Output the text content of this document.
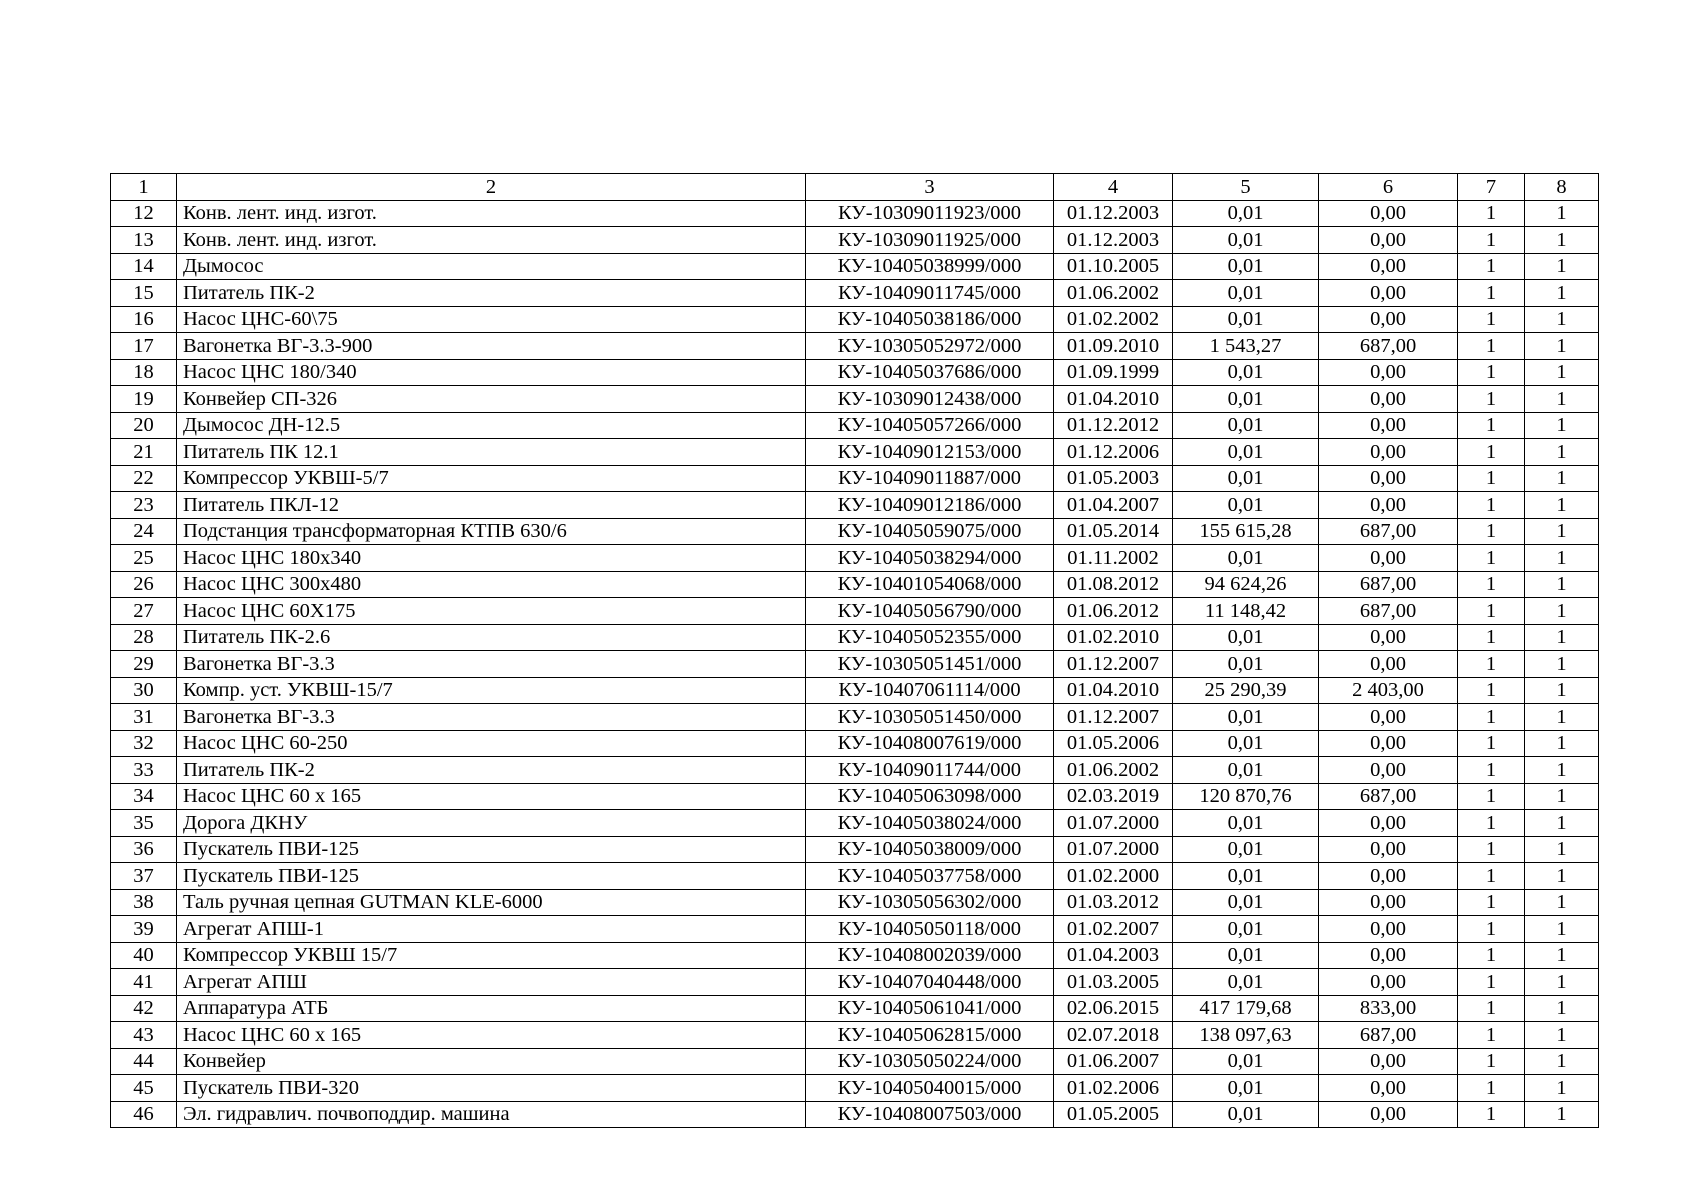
1	2	3	4	5	6	7	8
12	Конв. лент. инд. изгот.	КУ-10309011923/000	01.12.2003	0,01	0,00	1	1
13	Конв. лент. инд. изгот.	КУ-10309011925/000	01.12.2003	0,01	0,00	1	1
14	Дымосос	КУ-10405038999/000	01.10.2005	0,01	0,00	1	1
15	Питатель ПК-2	КУ-10409011745/000	01.06.2002	0,01	0,00	1	1
16	Насос ЦНС-60\75	КУ-10405038186/000	01.02.2002	0,01	0,00	1	1
17	Вагонетка ВГ-3.3-900	КУ-10305052972/000	01.09.2010	1 543,27	687,00	1	1
18	Насос ЦНС 180/340	КУ-10405037686/000	01.09.1999	0,01	0,00	1	1
19	Конвейер СП-326	КУ-10309012438/000	01.04.2010	0,01	0,00	1	1
20	Дымосос ДН-12.5	КУ-10405057266/000	01.12.2012	0,01	0,00	1	1
21	Питатель ПК 12.1	КУ-10409012153/000	01.12.2006	0,01	0,00	1	1
22	Компрессор УКВШ-5/7	КУ-10409011887/000	01.05.2003	0,01	0,00	1	1
23	Питатель ПКЛ-12	КУ-10409012186/000	01.04.2007	0,01	0,00	1	1
24	Подстанция трансформаторная КТПВ 630/6	КУ-10405059075/000	01.05.2014	155 615,28	687,00	1	1
25	Насос ЦНС 180х340	КУ-10405038294/000	01.11.2002	0,01	0,00	1	1
26	Насос ЦНС 300х480	КУ-10401054068/000	01.08.2012	94 624,26	687,00	1	1
27	Насос ЦНС 60Х175	КУ-10405056790/000	01.06.2012	11 148,42	687,00	1	1
28	Питатель ПК-2.6	КУ-10405052355/000	01.02.2010	0,01	0,00	1	1
29	Вагонетка ВГ-3.3	КУ-10305051451/000	01.12.2007	0,01	0,00	1	1
30	Компр. уст. УКВШ-15/7	КУ-10407061114/000	01.04.2010	25 290,39	2 403,00	1	1
31	Вагонетка ВГ-3.3	КУ-10305051450/000	01.12.2007	0,01	0,00	1	1
32	Насос ЦНС 60-250	КУ-10408007619/000	01.05.2006	0,01	0,00	1	1
33	Питатель ПК-2	КУ-10409011744/000	01.06.2002	0,01	0,00	1	1
34	Насос ЦНС 60 х 165	КУ-10405063098/000	02.03.2019	120 870,76	687,00	1	1
35	Дорога ДКНУ	КУ-10405038024/000	01.07.2000	0,01	0,00	1	1
36	Пускатель ПВИ-125	КУ-10405038009/000	01.07.2000	0,01	0,00	1	1
37	Пускатель ПВИ-125	КУ-10405037758/000	01.02.2000	0,01	0,00	1	1
38	Таль ручная цепная GUTMAN KLE-6000	КУ-10305056302/000	01.03.2012	0,01	0,00	1	1
39	Агрегат АПШ-1	КУ-10405050118/000	01.02.2007	0,01	0,00	1	1
40	Компрессор УКВШ 15/7	КУ-10408002039/000	01.04.2003	0,01	0,00	1	1
41	Агрегат АПШ	КУ-10407040448/000	01.03.2005	0,01	0,00	1	1
42	Аппаратура АТБ	КУ-10405061041/000	02.06.2015	417 179,68	833,00	1	1
43	Насос ЦНС 60 х 165	КУ-10405062815/000	02.07.2018	138 097,63	687,00	1	1
44	Конвейер	КУ-10305050224/000	01.06.2007	0,01	0,00	1	1
45	Пускатель ПВИ-320	КУ-10405040015/000	01.02.2006	0,01	0,00	1	1
46	Эл. гидравлич. почвоподдир. машина	КУ-10408007503/000	01.05.2005	0,01	0,00	1	1
